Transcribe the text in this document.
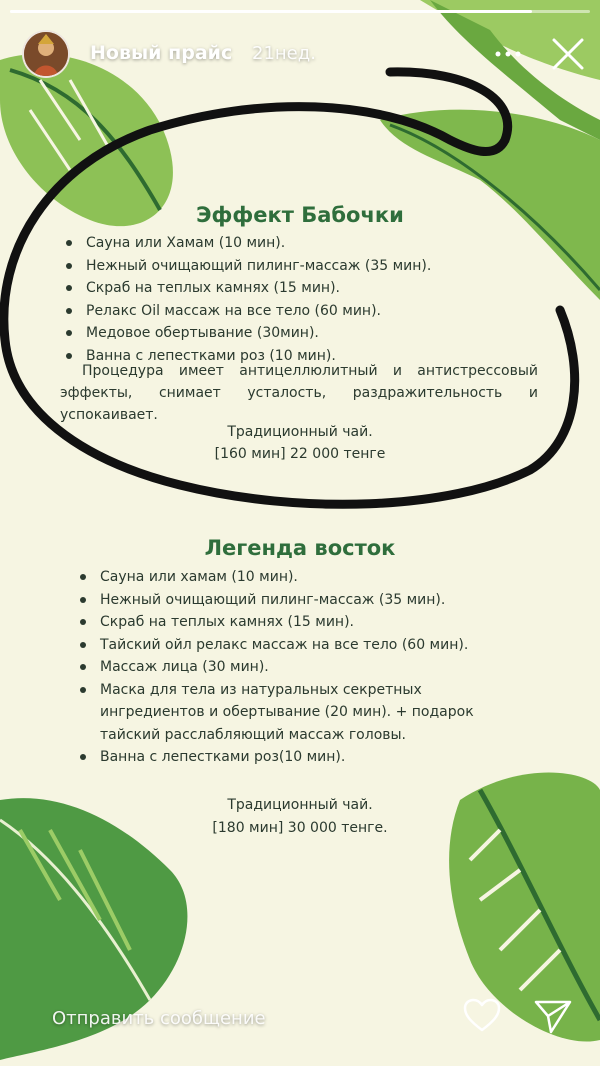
Новый прайс 21нед.
Эффект Бабочки
Сауна или Хамам (10 мин).
Нежный очищающий пилинг-массаж (35 мин).
Скраб на теплых камнях (15 мин).
Релакс Oil массаж на все тело (60 мин).
Медовое обертывание (30мин).
Ванна с лепестками роз (10 мин).
Процедура имеет антицеллюлитный и антистрессовый эффекты, снимает усталость, раздражительность и успокаивает.
Традиционный чай.
[160 мин] 22 000 тенге
Легенда восток
Сауна или хамам (10 мин).
Нежный очищающий пилинг-массаж (35 мин).
Скраб на теплых камнях (15 мин).
Тайский ойл релакс массаж на все тело (60 мин).
Массаж лица (30 мин).
Маска для тела из натуральных секретных ингредиентов и обертывание (20 мин). + подарок тайский расслабляющий массаж головы.
Ванна с лепестками роз(10 мин).
Традиционный чай.
[180 мин] 30 000 тенге.
Отправить сообщение
